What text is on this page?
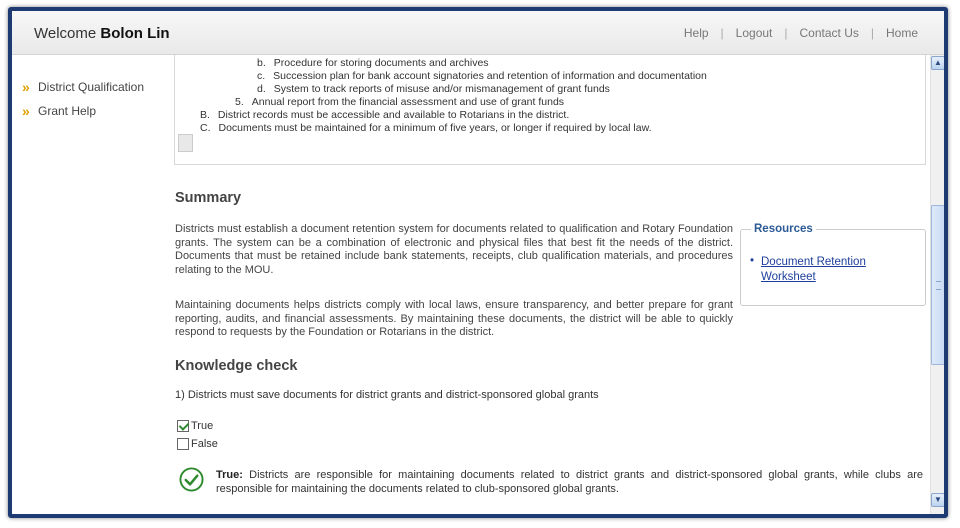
Welcome Bolon Lin	Help | Logout | Contact Us | Home
» District Qualification
» Grant Help
b. Procedure for storing documents and archives
c. Succession plan for bank account signatories and retention of information and documentation
d. System to track reports of misuse and/or mismanagement of grant funds
5. Annual report from the financial assessment and use of grant funds
B. District records must be accessible and available to Rotarians in the district.
C. Documents must be maintained for a minimum of five years, or longer if required by local law.
Summary
Districts must establish a document retention system for documents related to qualification and Rotary Foundation grants. The system can be a combination of electronic and physical files that best fit the needs of the district. Documents that must be retained include bank statements, receipts, club qualification materials, and procedures relating to the MOU.
Maintaining documents helps districts comply with local laws, ensure transparency, and better prepare for grant reporting, audits, and financial assessments. By maintaining these documents, the district will be able to quickly respond to requests by the Foundation or Rotarians in the district.
Resources
• Document Retention Worksheet
Knowledge check
1) Districts must save documents for district grants and district-sponsored global grants
True
False
True: Districts are responsible for maintaining documents related to district grants and district-sponsored global grants, while clubs are responsible for maintaining the documents related to club-sponsored global grants.
▲
▼
